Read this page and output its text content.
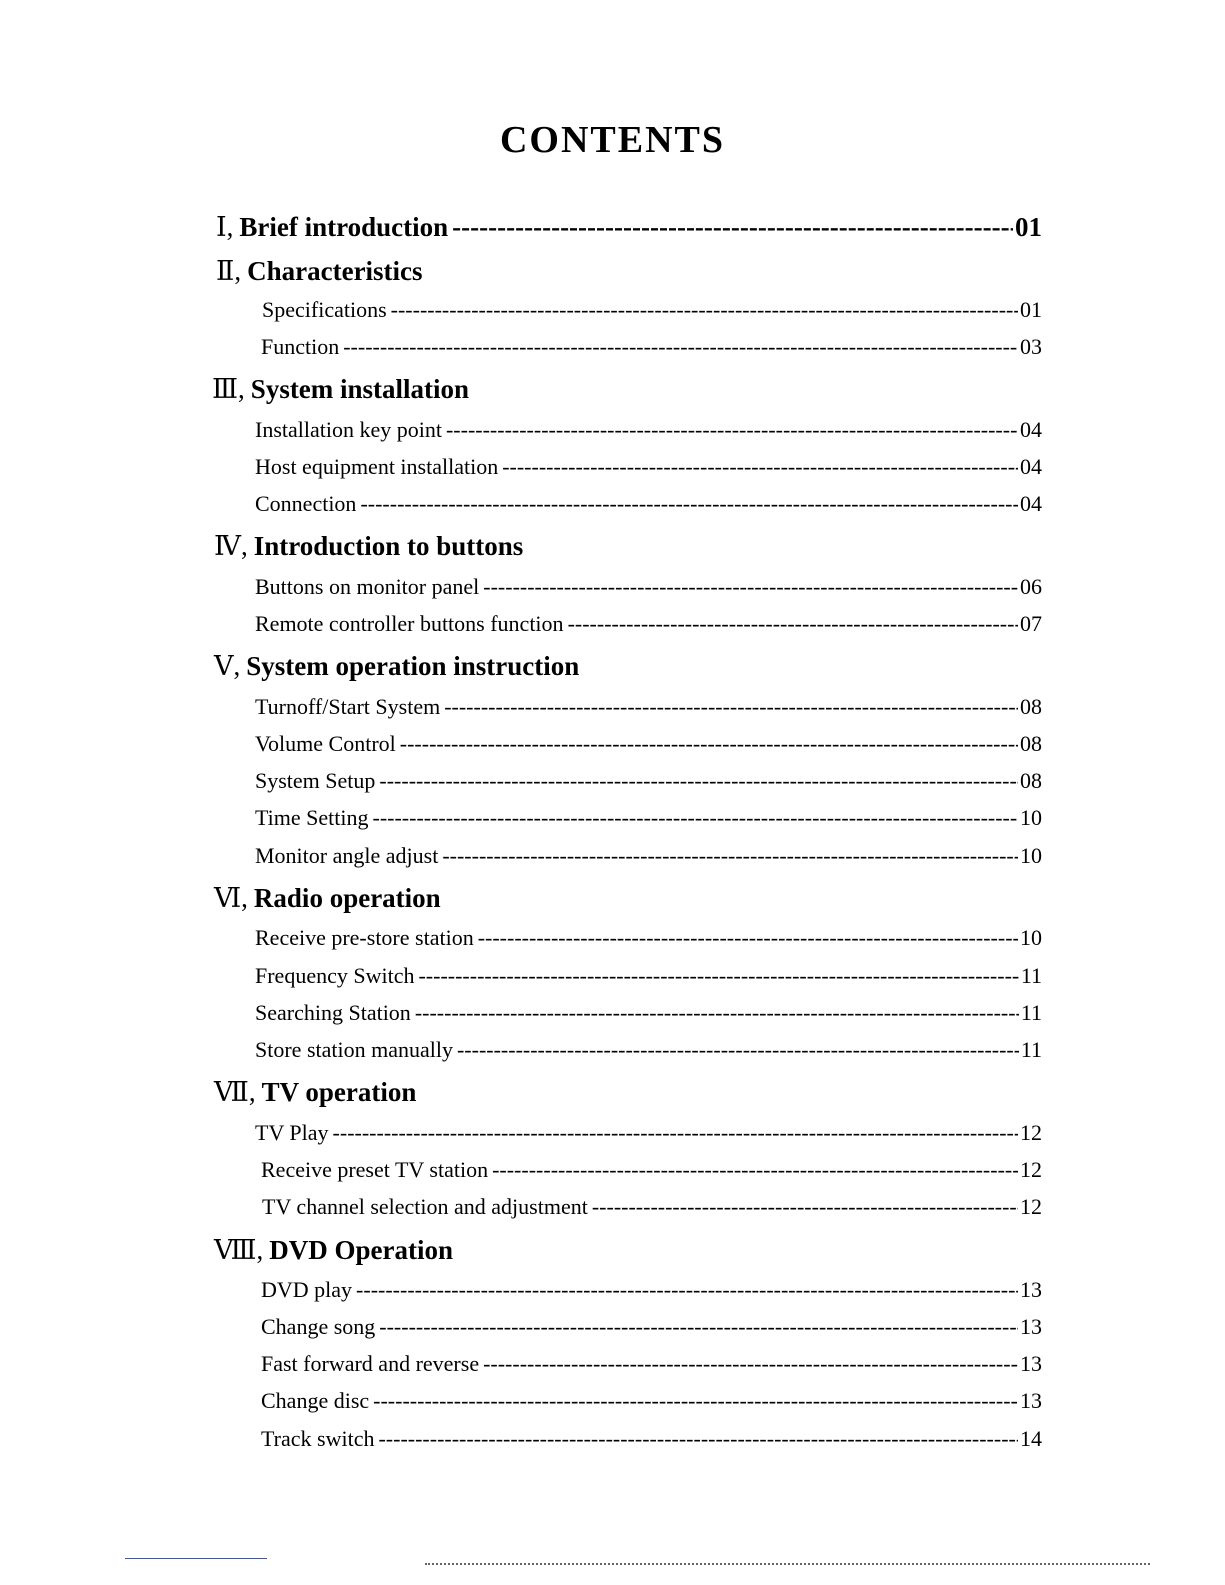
CONTENTS
Ⅰ, Brief introduction -----	01
Ⅱ, Characteristics
Specifications -----	01
Function -----	03
Ⅲ, System installation
Installation key point -----	04
Host equipment installation -----	04
Connection -----	04
Ⅳ, Introduction to buttons
Buttons on monitor panel -----	06
Remote controller buttons function -----	07
Ⅴ, System operation instruction
Turnoff/Start System -----	08
Volume Control -----	08
System Setup -----	08
Time Setting -----	10
Monitor angle adjust -----	10
Ⅵ, Radio operation
Receive pre-store station -----	10
Frequency Switch -----	11
Searching Station -----	11
Store station manually -----	11
Ⅶ, TV operation
TV Play -----	12
Receive preset TV station -----	12
TV channel selection and adjustment -----	12
Ⅷ, DVD Operation
DVD play -----	13
Change song -----	13
Fast forward and reverse -----	13
Change disc -----	13
Track switch -----	14
